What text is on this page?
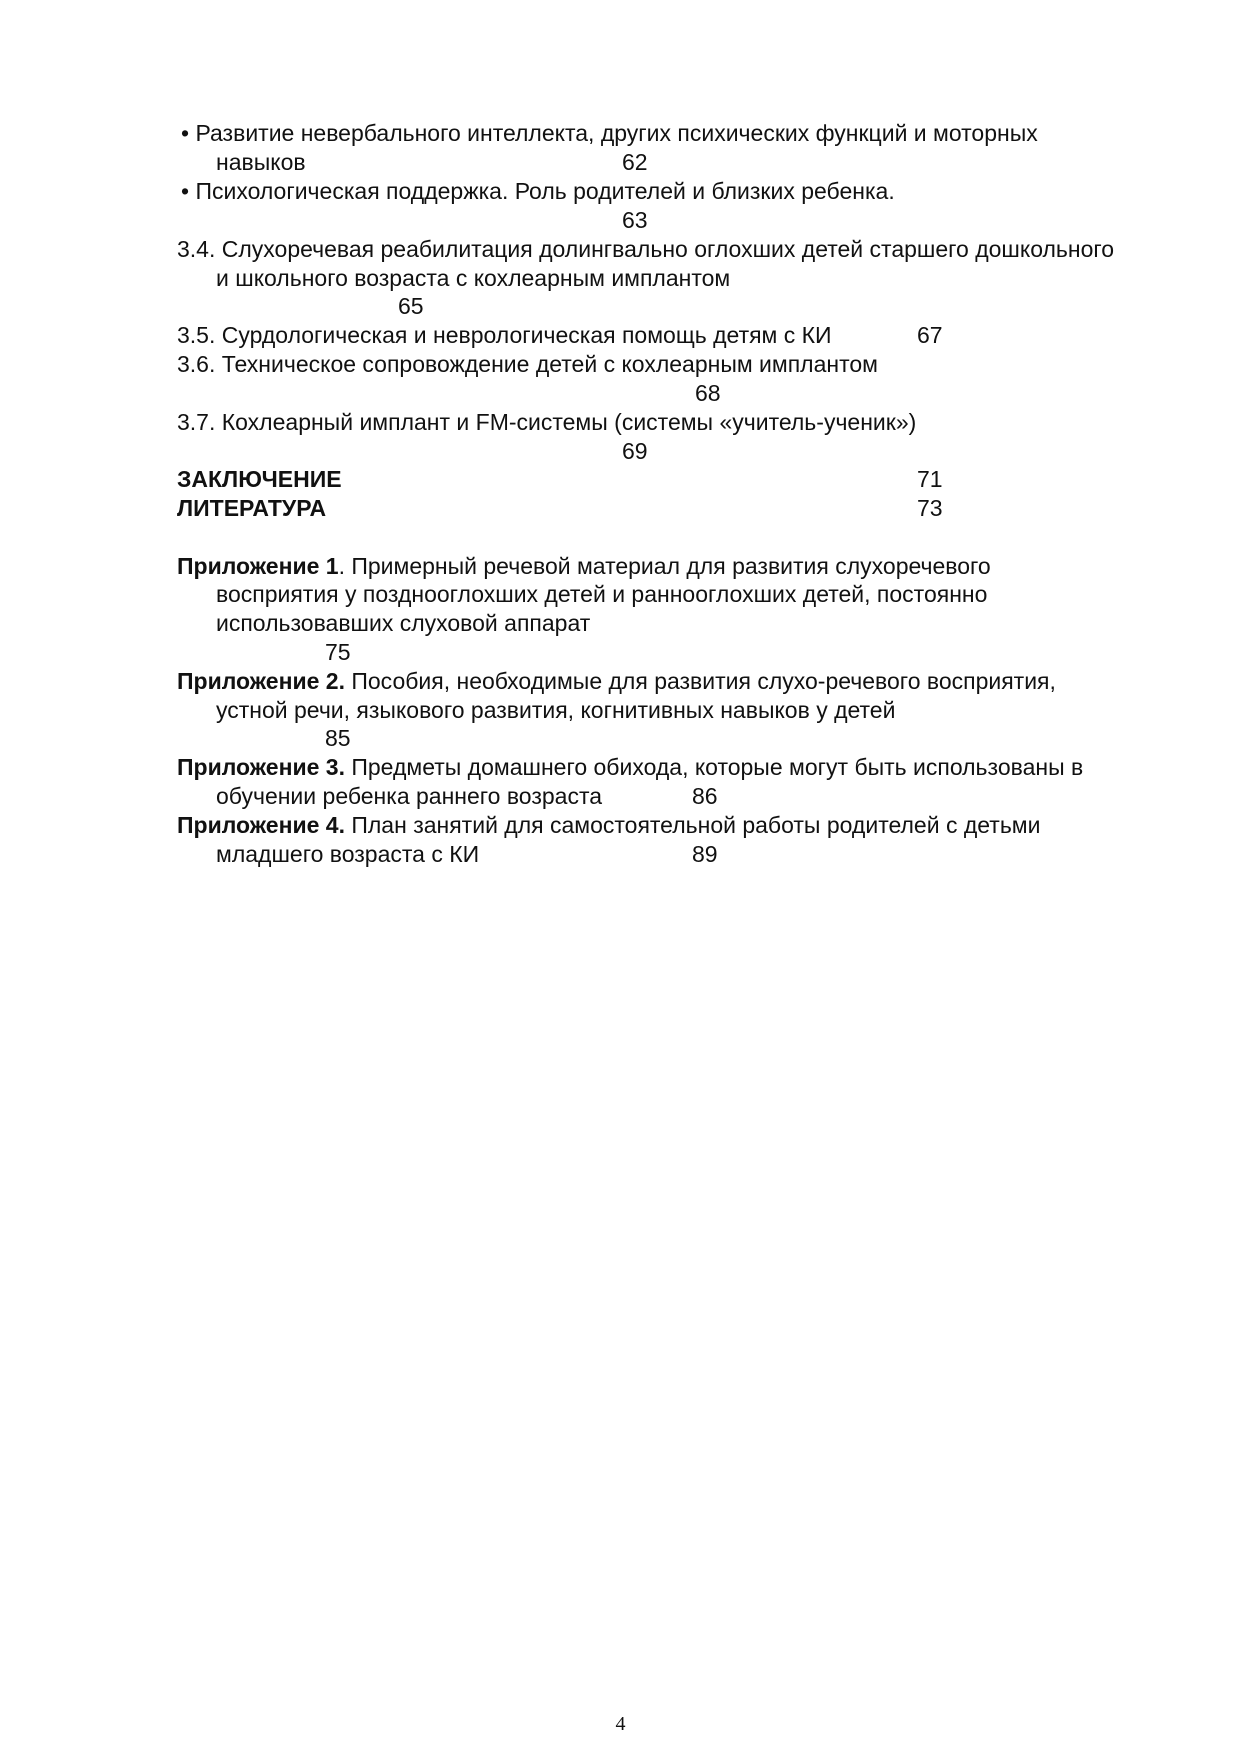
• Развитие невербального интеллекта, других психических функций и моторных
навыков	62
• Психологическая поддержка. Роль родителей и близких ребенка.
63
3.4. Слухоречевая реабилитация долингвально оглохших детей старшего дошкольного
и школьного возраста с кохлеарным имплантом
65
3.5. Сурдологическая и неврологическая помощь детям с КИ	67
3.6. Техническое сопровождение детей с кохлеарным имплантом
68
3.7. Кохлеарный имплант и FM-системы (системы «учитель-ученик»)
69
ЗАКЛЮЧЕНИЕ	71
ЛИТЕРАТУРА	73
Приложение 1. Примерный речевой материал для развития слухоречевого
восприятия у позднооглохших детей и раннооглохших детей, постоянно
использовавших слуховой аппарат
75
Приложение 2. Пособия, необходимые для развития слухо-речевого восприятия,
устной речи, языкового развития, когнитивных навыков у детей
85
Приложение 3. Предметы домашнего обихода, которые могут быть использованы в
обучении ребенка раннего возраста	86
Приложение 4. План занятий для самостоятельной работы родителей с детьми
младшего возраста с КИ	89
4
